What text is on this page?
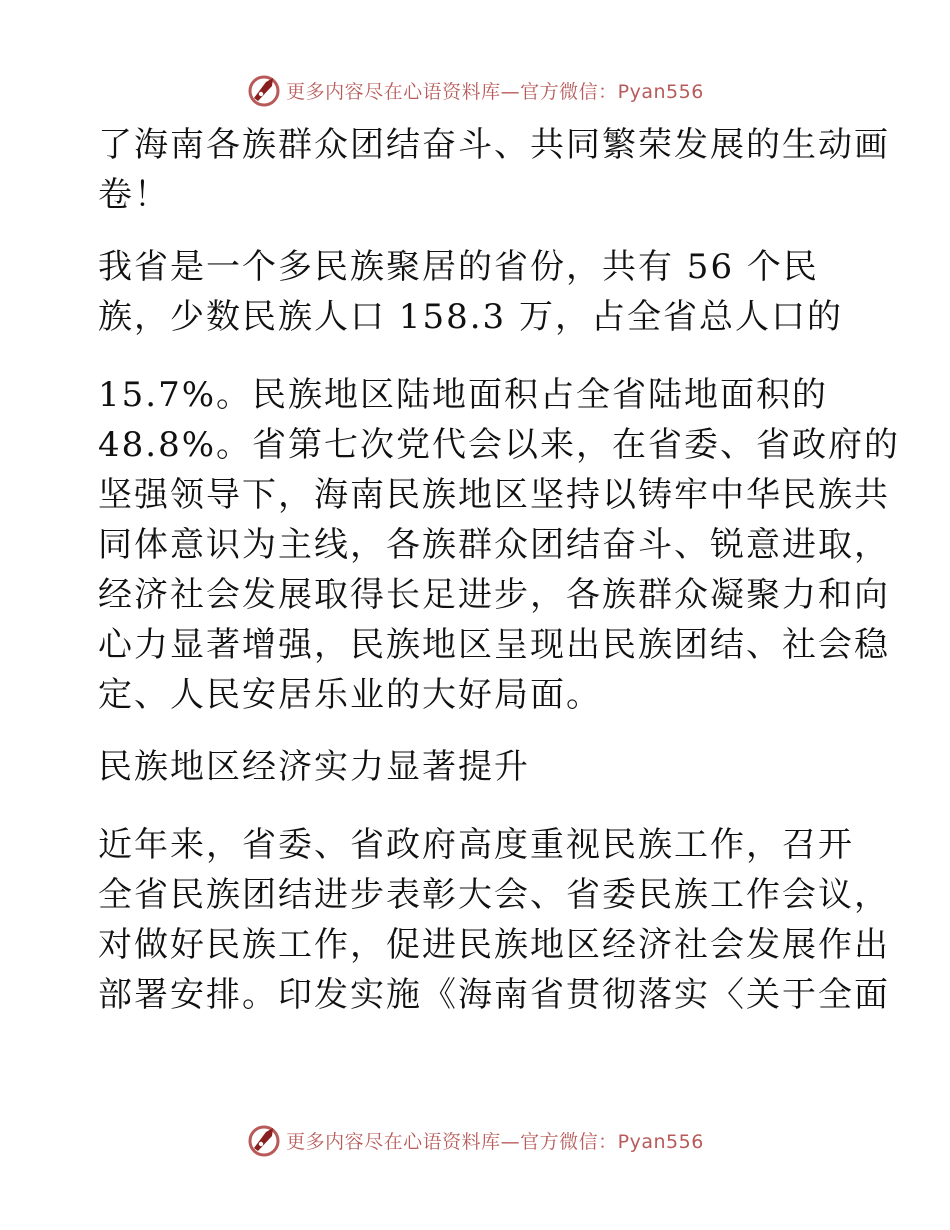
更多内容尽在心语资料库—官方微信：Pyan556
了海南各族群众团结奋斗、共同繁荣发展的生动画
卷！
我省是一个多民族聚居的省份，共有 56 个民
族，少数民族人口 158.3 万，占全省总人口的
15.7%。民族地区陆地面积占全省陆地面积的
48.8%。省第七次党代会以来，在省委、省政府的
坚强领导下，海南民族地区坚持以铸牢中华民族共
同体意识为主线，各族群众团结奋斗、锐意进取，
经济社会发展取得长足进步，各族群众凝聚力和向
心力显著增强，民族地区呈现出民族团结、社会稳
定、人民安居乐业的大好局面。
民族地区经济实力显著提升
近年来，省委、省政府高度重视民族工作，召开
全省民族团结进步表彰大会、省委民族工作会议，
对做好民族工作，促进民族地区经济社会发展作出
部署安排。印发实施《海南省贯彻落实〈关于全面
更多内容尽在心语资料库—官方微信：Pyan556
